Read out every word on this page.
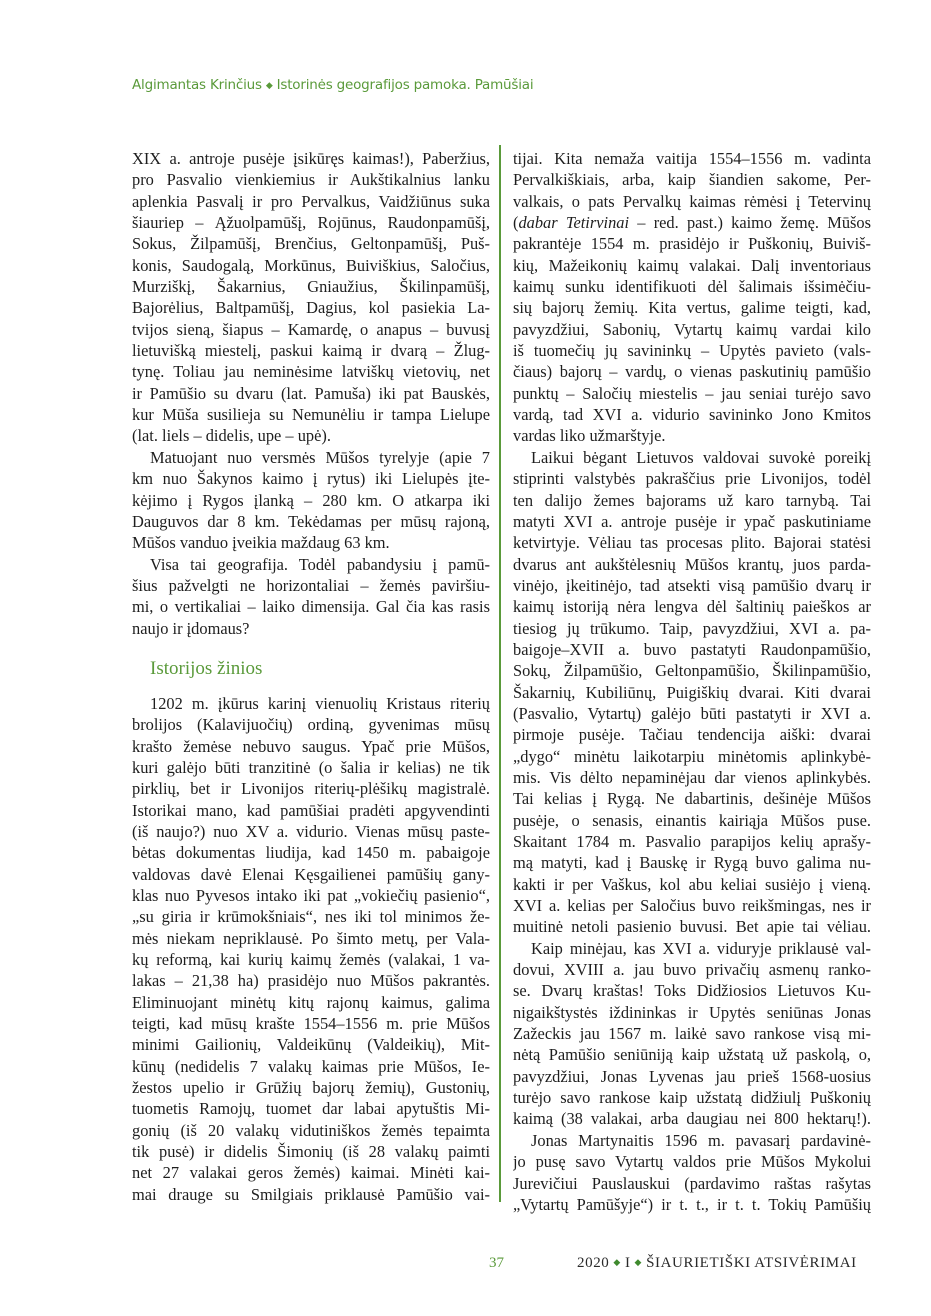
Algimantas Krinčius ◆ Istorinės geografijos pamoka. Pamūšiai
XIX a. antroje pusėje įsikūręs kaimas!), Paberžius,
pro Pasvalio vienkiemius ir Aukštikalnius lanku
aplenkia Pasvalį ir pro Pervalkus, Vaidžiūnus suka
šiauriep – Ąžuolpamūšį, Rojūnus, Raudonpamūšį,
Sokus, Žilpamūšį, Brenčius, Geltonpamūšį, Puš-
konis, Saudogalą, Morkūnus, Buiviškius, Saločius,
Murziškį, Šakarnius, Gniaužius, Škilinpamūšį,
Bajorėlius, Baltpamūšį, Dagius, kol pasiekia La-
tvijos sieną, šiapus – Kamardę, o anapus – buvusį
lietuvišką miestelį, paskui kaimą ir dvarą – Žlug-
tynę. Toliau jau neminėsime latviškų vietovių, net
ir Pamūšio su dvaru (lat. Pamuša) iki pat Bauskės,
kur Mūša susilieja su Nemunėliu ir tampa Lielupe
(lat. liels – didelis, upe – upė).
Matuojant nuo versmės Mūšos tyrelyje (apie 7
km nuo Šakynos kaimo į rytus) iki Lielupės įte-
kėjimo į Rygos įlanką – 280 km. O atkarpa iki
Dauguvos dar 8 km. Tekėdamas per mūsų rajoną,
Mūšos vanduo įveikia maždaug 63 km.
Visa tai geografija. Todėl pabandysiu į pamū-
šius pažvelgti ne horizontaliai – žemės paviršiu-
mi, o vertikaliai – laiko dimensija. Gal čia kas rasis
naujo ir įdomaus?
Istorijos žinios
1202 m. įkūrus karinį vienuolių Kristaus riterių
brolijos (Kalavijuočių) ordiną, gyvenimas mūsų
krašto žemėse nebuvo saugus. Ypač prie Mūšos,
kuri galėjo būti tranzitinė (o šalia ir kelias) ne tik
pirklių, bet ir Livonijos riterių-plėšikų magistralė.
Istorikai mano, kad pamūšiai pradėti apgyvendinti
(iš naujo?) nuo XV a. vidurio. Vienas mūsų paste-
bėtas dokumentas liudija, kad 1450 m. pabaigoje
valdovas davė Elenai Kęsgailienei pamūšių gany-
klas nuo Pyvesos intako iki pat „vokiečių pasienio“,
„su giria ir krūmokšniais“, nes iki tol minimos že-
mės niekam nepriklausė. Po šimto metų, per Vala-
kų reformą, kai kurių kaimų žemės (valakai, 1 va-
lakas – 21,38 ha) prasidėjo nuo Mūšos pakrantės.
Eliminuojant minėtų kitų rajonų kaimus, galima
teigti, kad mūsų krašte 1554–1556 m. prie Mūšos
minimi Gailionių, Valdeikūnų (Valdeikių), Mit-
kūnų (nedidelis 7 valakų kaimas prie Mūšos, Ie-
žestos upelio ir Grūžių bajorų žemių), Gustonių,
tuometis Ramojų, tuomet dar labai apytuštis Mi-
gonių (iš 20 valakų vidutiniškos žemės tepaimta
tik pusė) ir didelis Šimonių (iš 28 valakų paimti
net 27 valakai geros žemės) kaimai. Minėti kai-
mai drauge su Smilgiais priklausė Pamūšio vai-
tijai. Kita nemaža vaitija 1554–1556 m. vadinta
Pervalkiškiais, arba, kaip šiandien sakome, Per-
valkais, o pats Pervalkų kaimas rėmėsi į Tetervinų
(dabar Tetirvinai – red. past.) kaimo žemę. Mūšos
pakrantėje 1554 m. prasidėjo ir Puškonių, Buiviš-
kių, Mažeikonių kaimų valakai. Dalį inventoriaus
kaimų sunku identifikuoti dėl šalimais išsimėčiu-
sių bajorų žemių. Kita vertus, galime teigti, kad,
pavyzdžiui, Sabonių, Vytartų kaimų vardai kilo
iš tuomečių jų savininkų – Upytės pavieto (vals-
čiaus) bajorų – vardų, o vienas paskutinių pamūšio
punktų – Saločių miestelis – jau seniai turėjo savo
vardą, tad XVI a. vidurio savininko Jono Kmitos
vardas liko užmarštyje.
Laikui bėgant Lietuvos valdovai suvokė poreikį
stiprinti valstybės pakraščius prie Livonijos, todėl
ten dalijo žemes bajorams už karo tarnybą. Tai
matyti XVI a. antroje pusėje ir ypač paskutiniame
ketvirtyje. Vėliau tas procesas plito. Bajorai statėsi
dvarus ant aukštėlesnių Mūšos krantų, juos parda-
vinėjo, įkeitinėjo, tad atsekti visą pamūšio dvarų ir
kaimų istoriją nėra lengva dėl šaltinių paieškos ar
tiesiog jų trūkumo. Taip, pavyzdžiui, XVI a. pa-
baigoje–XVII a. buvo pastatyti Raudonpamūšio,
Sokų, Žilpamūšio, Geltonpamūšio, Škilinpamūšio,
Šakarnių, Kubiliūnų, Puigiškių dvarai. Kiti dvarai
(Pasvalio, Vytartų) galėjo būti pastatyti ir XVI a.
pirmoje pusėje. Tačiau tendencija aiški: dvarai
„dygo“ minėtu laikotarpiu minėtomis aplinkybė-
mis. Vis dėlto nepaminėjau dar vienos aplinkybės.
Tai kelias į Rygą. Ne dabartinis, dešinėje Mūšos
pusėje, o senasis, einantis kairiąja Mūšos puse.
Skaitant 1784 m. Pasvalio parapijos kelių aprašy-
mą matyti, kad į Bauskę ir Rygą buvo galima nu-
kakti ir per Vaškus, kol abu keliai susiėjo į vieną.
XVI a. kelias per Saločius buvo reikšmingas, nes ir
muitinė netoli pasienio buvusi. Bet apie tai vėliau.
Kaip minėjau, kas XVI a. viduryje priklausė val-
dovui, XVIII a. jau buvo privačių asmenų ranko-
se. Dvarų kraštas! Toks Didžiosios Lietuvos Ku-
nigaikštystės iždininkas ir Upytės seniūnas Jonas
Zažeckis jau 1567 m. laikė savo rankose visą mi-
nėtą Pamūšio seniūniją kaip užstatą už paskolą, o,
pavyzdžiui, Jonas Lyvenas jau prieš 1568-uosius
turėjo savo rankose kaip užstatą didžiulį Puškonių
kaimą (38 valakai, arba daugiau nei 800 hektarų!).
Jonas Martynaitis 1596 m. pavasarį pardavinė-
jo pusę savo Vytartų valdos prie Mūšos Mykolui
Jurevičiui Pauslauskui (pardavimo raštas rašytas
„Vytartų Pamūšyje“) ir t. t., ir t. t. Tokių Pamūšių
37	2020 ◆ I ◆ ŠIAURIETIŠKI ATSIVĖRIMAI
